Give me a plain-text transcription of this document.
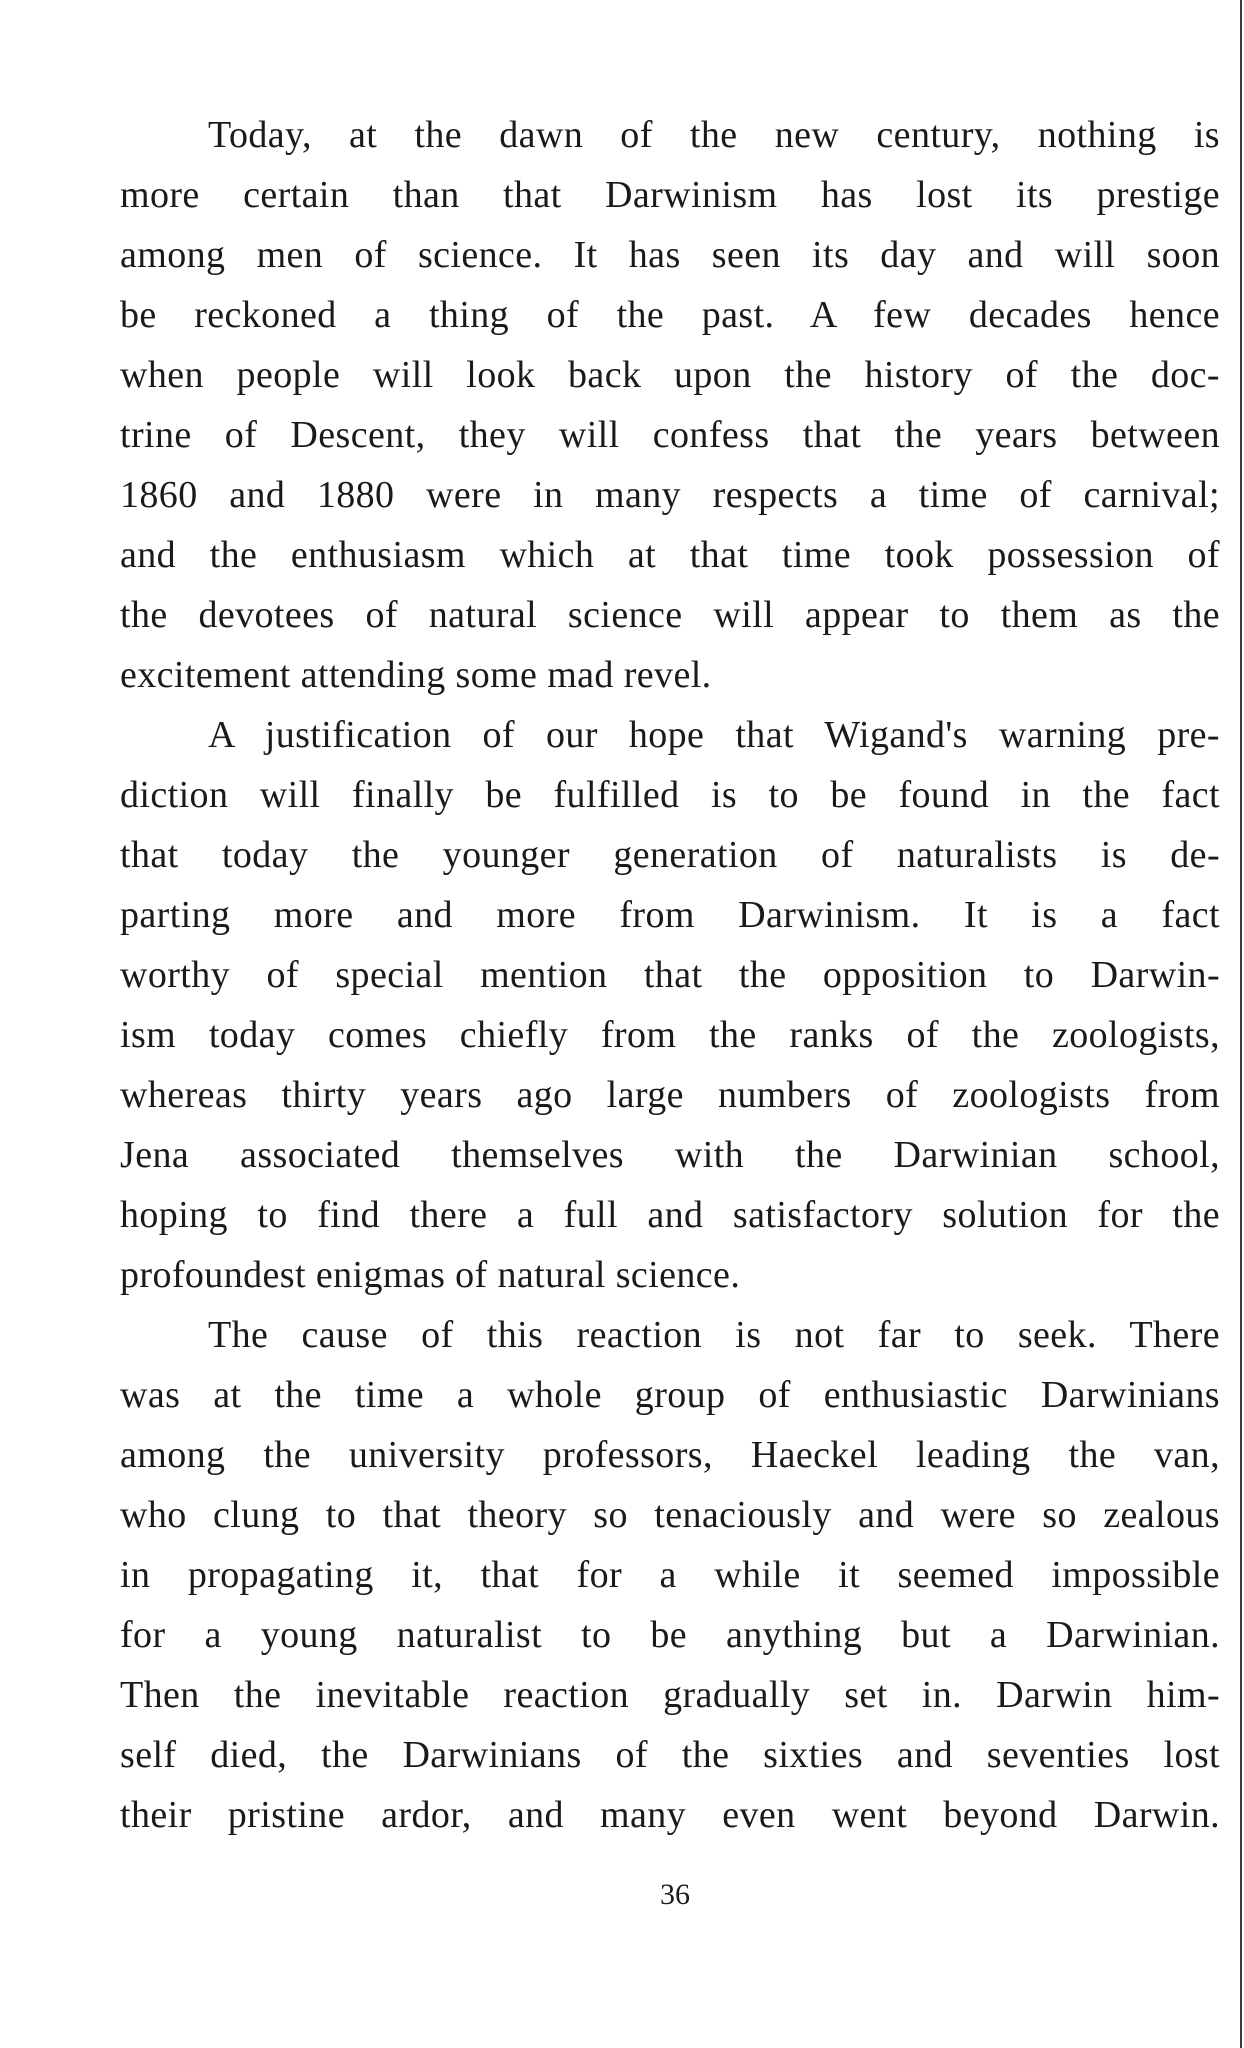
Today, at the dawn of the new century, nothing is
more certain than that Darwinism has lost its prestige
among men of science. It has seen its day and will soon
be reckoned a thing of the past. A few decades hence
when people will look back upon the history of the doc-
trine of Descent, they will confess that the years between
1860 and 1880 were in many respects a time of carnival;
and the enthusiasm which at that time took possession of
the devotees of natural science will appear to them as the
excitement attending some mad revel.
A justification of our hope that Wigand's warning pre-
diction will finally be fulfilled is to be found in the fact
that today the younger generation of naturalists is de-
parting more and more from Darwinism. It is a fact
worthy of special mention that the opposition to Darwin-
ism today comes chiefly from the ranks of the zoologists,
whereas thirty years ago large numbers of zoologists from
Jena associated themselves with the Darwinian school,
hoping to find there a full and satisfactory solution for the
profoundest enigmas of natural science.
The cause of this reaction is not far to seek. There
was at the time a whole group of enthusiastic Darwinians
among the university professors, Haeckel leading the van,
who clung to that theory so tenaciously and were so zealous
in propagating it, that for a while it seemed impossible
for a young naturalist to be anything but a Darwinian.
Then the inevitable reaction gradually set in. Darwin him-
self died, the Darwinians of the sixties and seventies lost
their pristine ardor, and many even went beyond Darwin.
36
